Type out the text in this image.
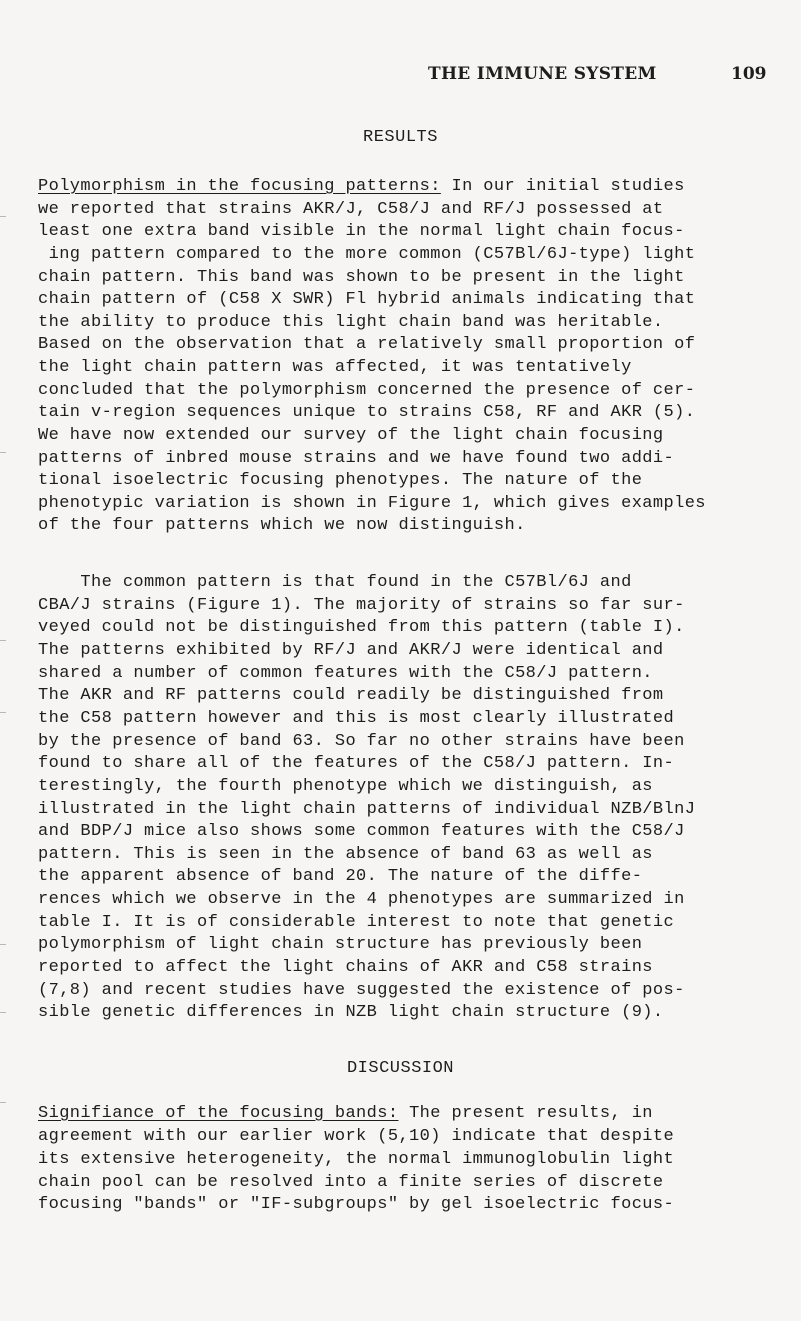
THE IMMUNE SYSTEM	109
RESULTS
Polymorphism in the focusing patterns: In our initial studies
we reported that strains AKR/J, C58/J and RF/J possessed at
least one extra band visible in the normal light chain focus-
ing pattern compared to the more common (C57Bl/6J-type) light
chain pattern. This band was shown to be present in the light
chain pattern of (C58 X SWR) Fl hybrid animals indicating that
the ability to produce this light chain band was heritable.
Based on the observation that a relatively small proportion of
the light chain pattern was affected, it was tentatively
concluded that the polymorphism concerned the presence of cer-
tain v-region sequences unique to strains C58, RF and AKR (5).
We have now extended our survey of the light chain focusing
patterns of inbred mouse strains and we have found two addi-
tional isoelectric focusing phenotypes. The nature of the
phenotypic variation is shown in Figure 1, which gives examples
of the four patterns which we now distinguish.
The common pattern is that found in the C57Bl/6J and
CBA/J strains (Figure 1). The majority of strains so far sur-
veyed could not be distinguished from this pattern (table I).
The patterns exhibited by RF/J and AKR/J were identical and
shared a number of common features with the C58/J pattern.
The AKR and RF patterns could readily be distinguished from
the C58 pattern however and this is most clearly illustrated
by the presence of band 63. So far no other strains have been
found to share all of the features of the C58/J pattern. In-
terestingly, the fourth phenotype which we distinguish, as
illustrated in the light chain patterns of individual NZB/BlnJ
and BDP/J mice also shows some common features with the C58/J
pattern. This is seen in the absence of band 63 as well as
the apparent absence of band 20. The nature of the diffe-
rences which we observe in the 4 phenotypes are summarized in
table I. It is of considerable interest to note that genetic
polymorphism of light chain structure has previously been
reported to affect the light chains of AKR and C58 strains
(7,8) and recent studies have suggested the existence of pos-
sible genetic differences in NZB light chain structure (9).
DISCUSSION
Signifiance of the focusing bands: The present results, in
agreement with our earlier work (5,10) indicate that despite
its extensive heterogeneity, the normal immunoglobulin light
chain pool can be resolved into a finite series of discrete
focusing "bands" or "IF-subgroups" by gel isoelectric focus-
